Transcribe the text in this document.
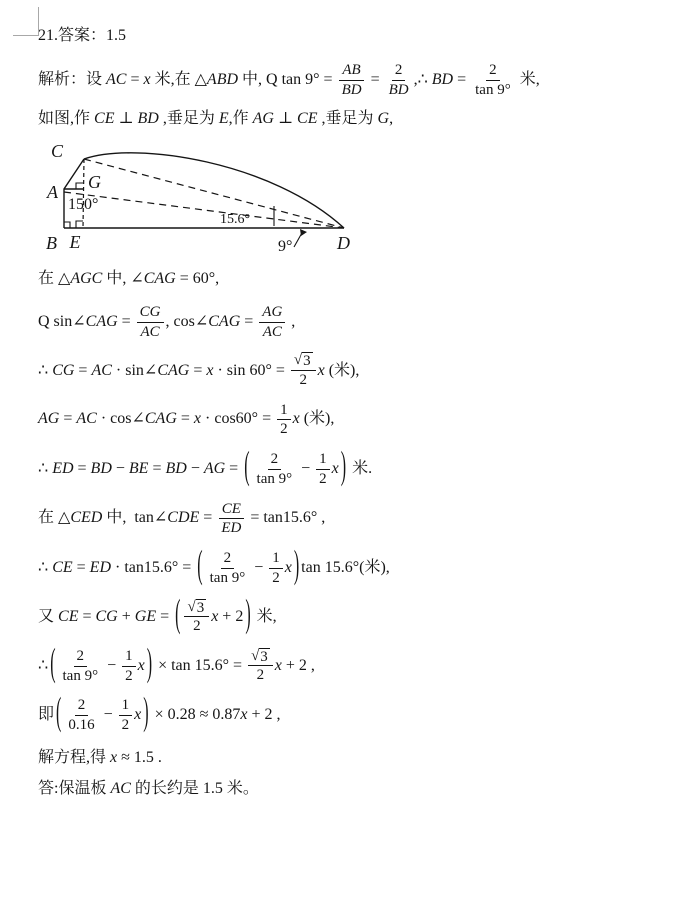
21.答案：1.5
解析：设 AC = x 米,在 △ ABD 中, Q $\tan 9^\circ = \frac{AB}{BD} = \frac{2}{BD}$ ,∴ BD = $\frac{2}{\tan 9^\circ}$ 米,
如图,作 CE ⊥ BD ,垂足为 E ,作 AG ⊥ CE ,垂足为 G ,
C
A G
B E	D
150°
15.6°
9°
在 △ AGC 中, ∠ CAG = 60°,
Q sin∠ CAG = $\frac{CG}{AC}$ , cos∠ CAG = $\frac{AG}{AC}$ ,
∴ CG = AC · sin∠ CAG = $x \cdot \sin 60^\circ = \frac{√ 3}{2}$ x (米),
AG = AC · cos∠ CAG = $x \cdot \cos 60^\circ = \frac{1}{2}$ x (米),
∴ ED = BD − BE = BD − AG = ( $\frac{2}{\tan 9^\circ} - \frac{1}{2}$ x ) 米.
在 △ CED 中,  tan∠ CDE = $\frac{CE}{ED} = \tan 15.6^\circ$ ,
∴ CE = ED · tan15.6° = ( $\frac{2}{\tan 9^\circ} - \frac{1}{2}$ x ) tan 15.6°(米),
又 CE = CG + GE = ( $\frac{√ 3}{2}$ x + 2 ) 米,
∴ ( $\frac{2}{\tan 9^\circ} - \frac{1}{2}$ x ) × $\tan 15.6^\circ = \frac{√ 3}{2}$ x + 2 ,
即 ( $\frac{2}{0.16} - \frac{1}{2}$ x ) × 0.28 ≈ 0.87 x + 2 ,
解方程,得 x ≈ 1.5 .
答:保温板 AC 的长约是 1.5 米。
